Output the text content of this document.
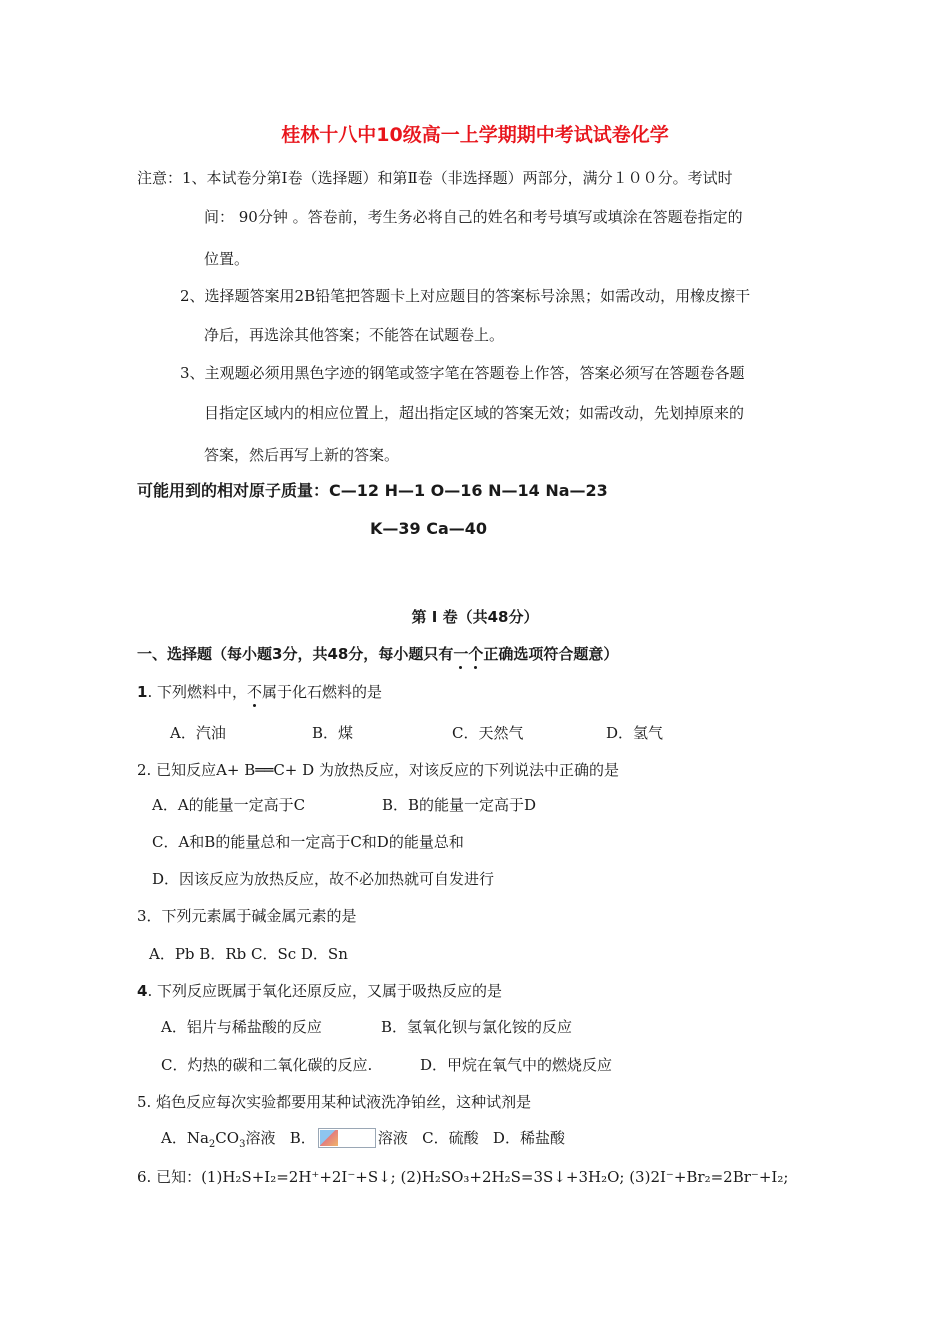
桂林十八中10级高一上学期期中考试试卷化学
注意：1、本试卷分第Ⅰ卷（选择题）和第Ⅱ卷（非选择题）两部分，满分１００分。考试时
间： 90分钟 。答卷前，考生务必将自己的姓名和考号填写或填涂在答题卷指定的
位置。
2、选择题答案用2B铅笔把答题卡上对应题目的答案标号涂黑；如需改动，用橡皮擦干
净后，再选涂其他答案；不能答在试题卷上。
3、主观题必须用黑色字迹的钢笔或签字笔在答题卷上作答，答案必须写在答题卷各题
目指定区域内的相应位置上，超出指定区域的答案无效；如需改动，先划掉原来的
答案，然后再写上新的答案。
可能用到的相对原子质量：C—12 H—1 O—16 N—14 Na—23
K—39 Ca—40
第 Ⅰ 卷（共48分）
一、选择题（每小题3分，共48分，每小题只有一个正确选项符合题意）
1. 下列燃料中，不属于化石燃料的是
A．汽油	B．煤	C．天然气	D．氢气
2. 已知反应A+ B══C+ D 为放热反应，对该反应的下列说法中正确的是
A．A的能量一定高于C	B．B的能量一定高于D
C．A和B的能量总和一定高于C和D的能量总和
D．因该反应为放热反应，故不必加热就可自发进行
3．下列元素属于碱金属元素的是
A．Pb B．Rb C．Sc D．Sn
4. 下列反应既属于氧化还原反应，又属于吸热反应的是
A．铝片与稀盐酸的反应	B．氢氧化钡与氯化铵的反应
C．灼热的碳和二氧化碳的反应.	D．甲烷在氧气中的燃烧反应
5. 焰色反应每次实验都要用某种试液洗净铂丝，这种试剂是
A．$Na_2CO_3$溶液 B．	溶液 C．硫酸 D．稀盐酸
6. 已知：(1)H₂S+I₂=2H⁺+2I⁻+S↓; (2)H₂SO₃+2H₂S=3S↓+3H₂O; (3)2I⁻+Br₂=2Br⁻+I₂;
